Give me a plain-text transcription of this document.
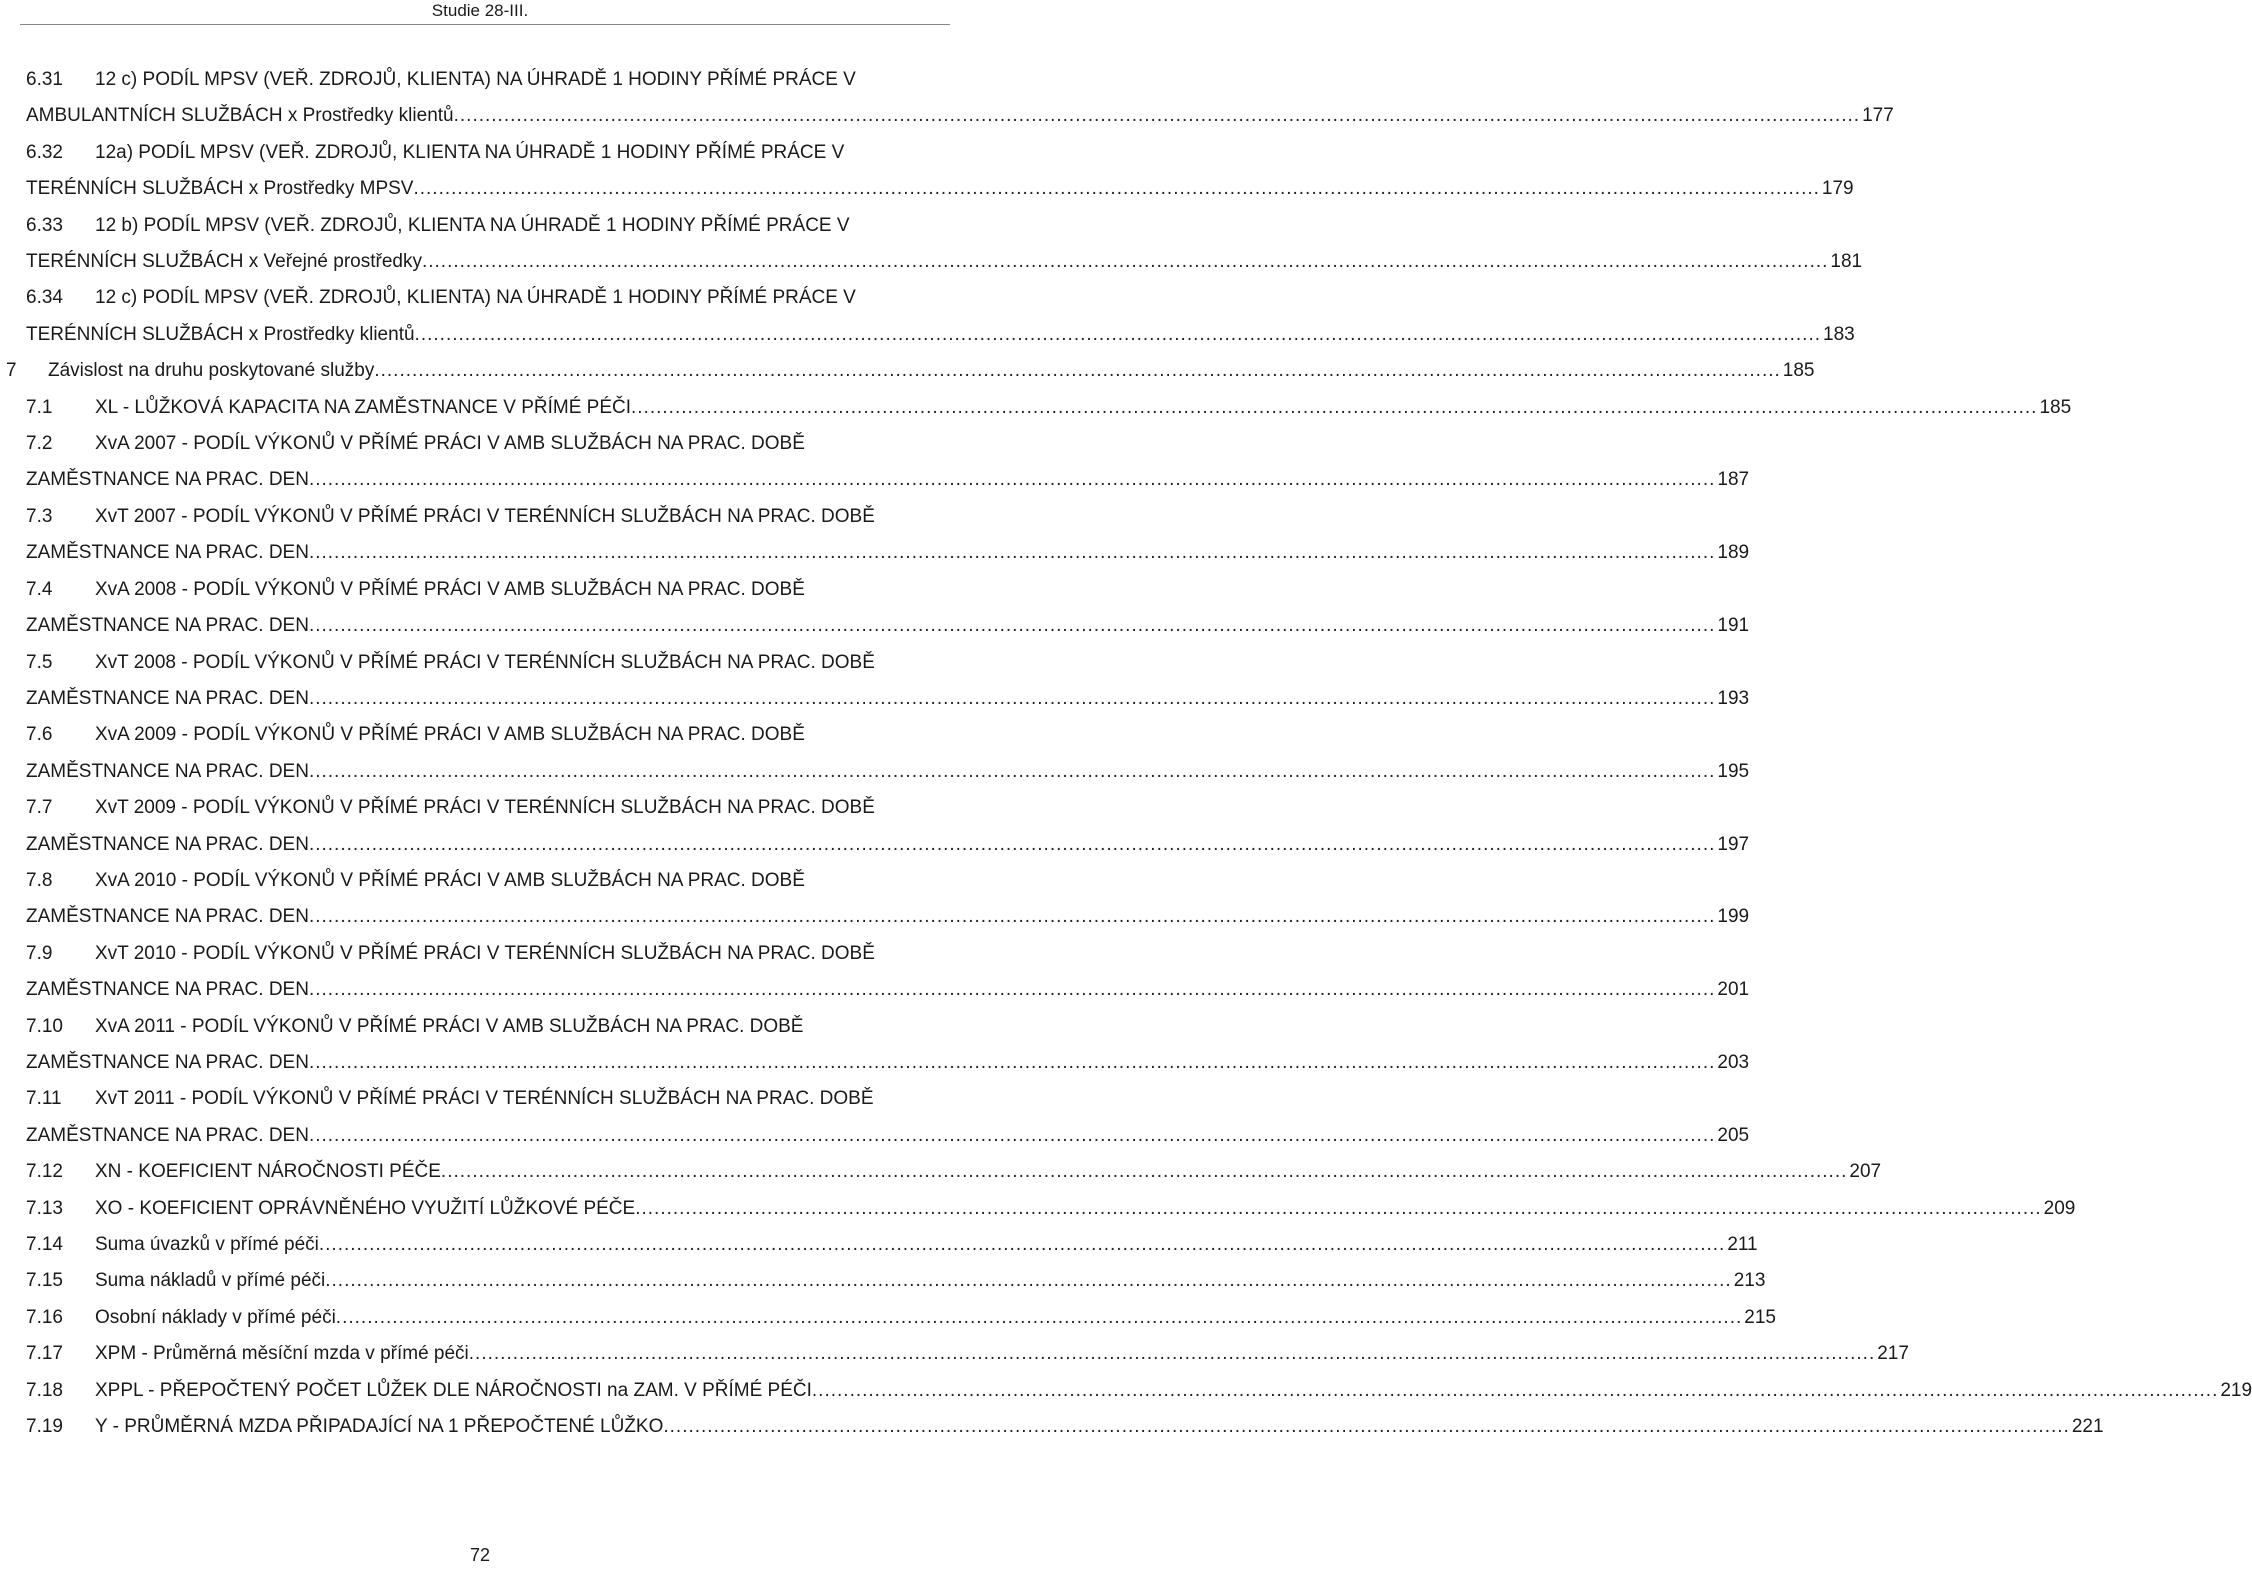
Studie 28-III.
6.31	12 c) PODÍL MPSV (VEŘ. ZDROJŮ, KLIENTA) NA ÚHRADĚ 1 HODINY PŘÍMÉ PRÁCE V
AMBULANTNÍCH SLUŽBÁCH x Prostředky klientů .....	177
6.32	12a) PODÍL MPSV (VEŘ. ZDROJŮ, KLIENTA NA ÚHRADĚ 1 HODINY PŘÍMÉ PRÁCE V
TERÉNNÍCH SLUŽBÁCH x Prostředky MPSV .....	179
6.33	12 b) PODÍL MPSV (VEŘ. ZDROJŮ, KLIENTA NA ÚHRADĚ 1 HODINY PŘÍMÉ PRÁCE V
TERÉNNÍCH SLUŽBÁCH x Veřejné prostředky .....	181
6.34	12 c) PODÍL MPSV (VEŘ. ZDROJŮ, KLIENTA) NA ÚHRADĚ 1 HODINY PŘÍMÉ PRÁCE V
TERÉNNÍCH SLUŽBÁCH x Prostředky klientů .....	183
7	Závislost na druhu poskytované služby .....	185
7.1	XL - LŮŽKOVÁ KAPACITA NA ZAMĚSTNANCE V PŘÍMÉ PÉČI .....	185
7.2	XvA 2007 - PODÍL VÝKONŮ V PŘÍMÉ PRÁCI V AMB SLUŽBÁCH NA PRAC. DOBĚ
ZAMĚSTNANCE NA PRAC. DEN .....	187
7.3	XvT 2007 - PODÍL VÝKONŮ V PŘÍMÉ PRÁCI V TERÉNNÍCH SLUŽBÁCH NA PRAC. DOBĚ
ZAMĚSTNANCE NA PRAC. DEN .....	189
7.4	XvA 2008 - PODÍL VÝKONŮ V PŘÍMÉ PRÁCI V AMB SLUŽBÁCH NA PRAC. DOBĚ
ZAMĚSTNANCE NA PRAC. DEN .....	191
7.5	XvT 2008 - PODÍL VÝKONŮ V PŘÍMÉ PRÁCI V TERÉNNÍCH SLUŽBÁCH NA PRAC. DOBĚ
ZAMĚSTNANCE NA PRAC. DEN .....	193
7.6	XvA 2009 - PODÍL VÝKONŮ V PŘÍMÉ PRÁCI V AMB SLUŽBÁCH NA PRAC. DOBĚ
ZAMĚSTNANCE NA PRAC. DEN .....	195
7.7	XvT 2009 - PODÍL VÝKONŮ V PŘÍMÉ PRÁCI V TERÉNNÍCH SLUŽBÁCH NA PRAC. DOBĚ
ZAMĚSTNANCE NA PRAC. DEN .....	197
7.8	XvA 2010 - PODÍL VÝKONŮ V PŘÍMÉ PRÁCI V AMB SLUŽBÁCH NA PRAC. DOBĚ
ZAMĚSTNANCE NA PRAC. DEN .....	199
7.9	XvT 2010 - PODÍL VÝKONŮ V PŘÍMÉ PRÁCI V TERÉNNÍCH SLUŽBÁCH NA PRAC. DOBĚ
ZAMĚSTNANCE NA PRAC. DEN .....	201
7.10	XvA 2011 - PODÍL VÝKONŮ V PŘÍMÉ PRÁCI V AMB SLUŽBÁCH NA PRAC. DOBĚ
ZAMĚSTNANCE NA PRAC. DEN .....	203
7.11	XvT 2011 - PODÍL VÝKONŮ V PŘÍMÉ PRÁCI V TERÉNNÍCH SLUŽBÁCH NA PRAC. DOBĚ
ZAMĚSTNANCE NA PRAC. DEN .....	205
7.12	XN - KOEFICIENT NÁROČNOSTI PÉČE .....	207
7.13	XO - KOEFICIENT OPRÁVNĚNÉHO VYUŽITÍ LŮŽKOVÉ PÉČE .....	209
7.14	Suma úvazků v přímé péči .....	211
7.15	Suma nákladů v přímé péči .....	213
7.16	Osobní náklady v přímé péči .....	215
7.17	XPM - Průměrná měsíční mzda v přímé péči .....	217
7.18	XPPL - PŘEPOČTENÝ POČET LŮŽEK DLE NÁROČNOSTI na ZAM. V PŘÍMÉ PÉČI .....	219
7.19	Y - PRŮMĚRNÁ MZDA PŘIPADAJÍCÍ NA 1 PŘEPOČTENÉ LŮŽKO .....	221
72
